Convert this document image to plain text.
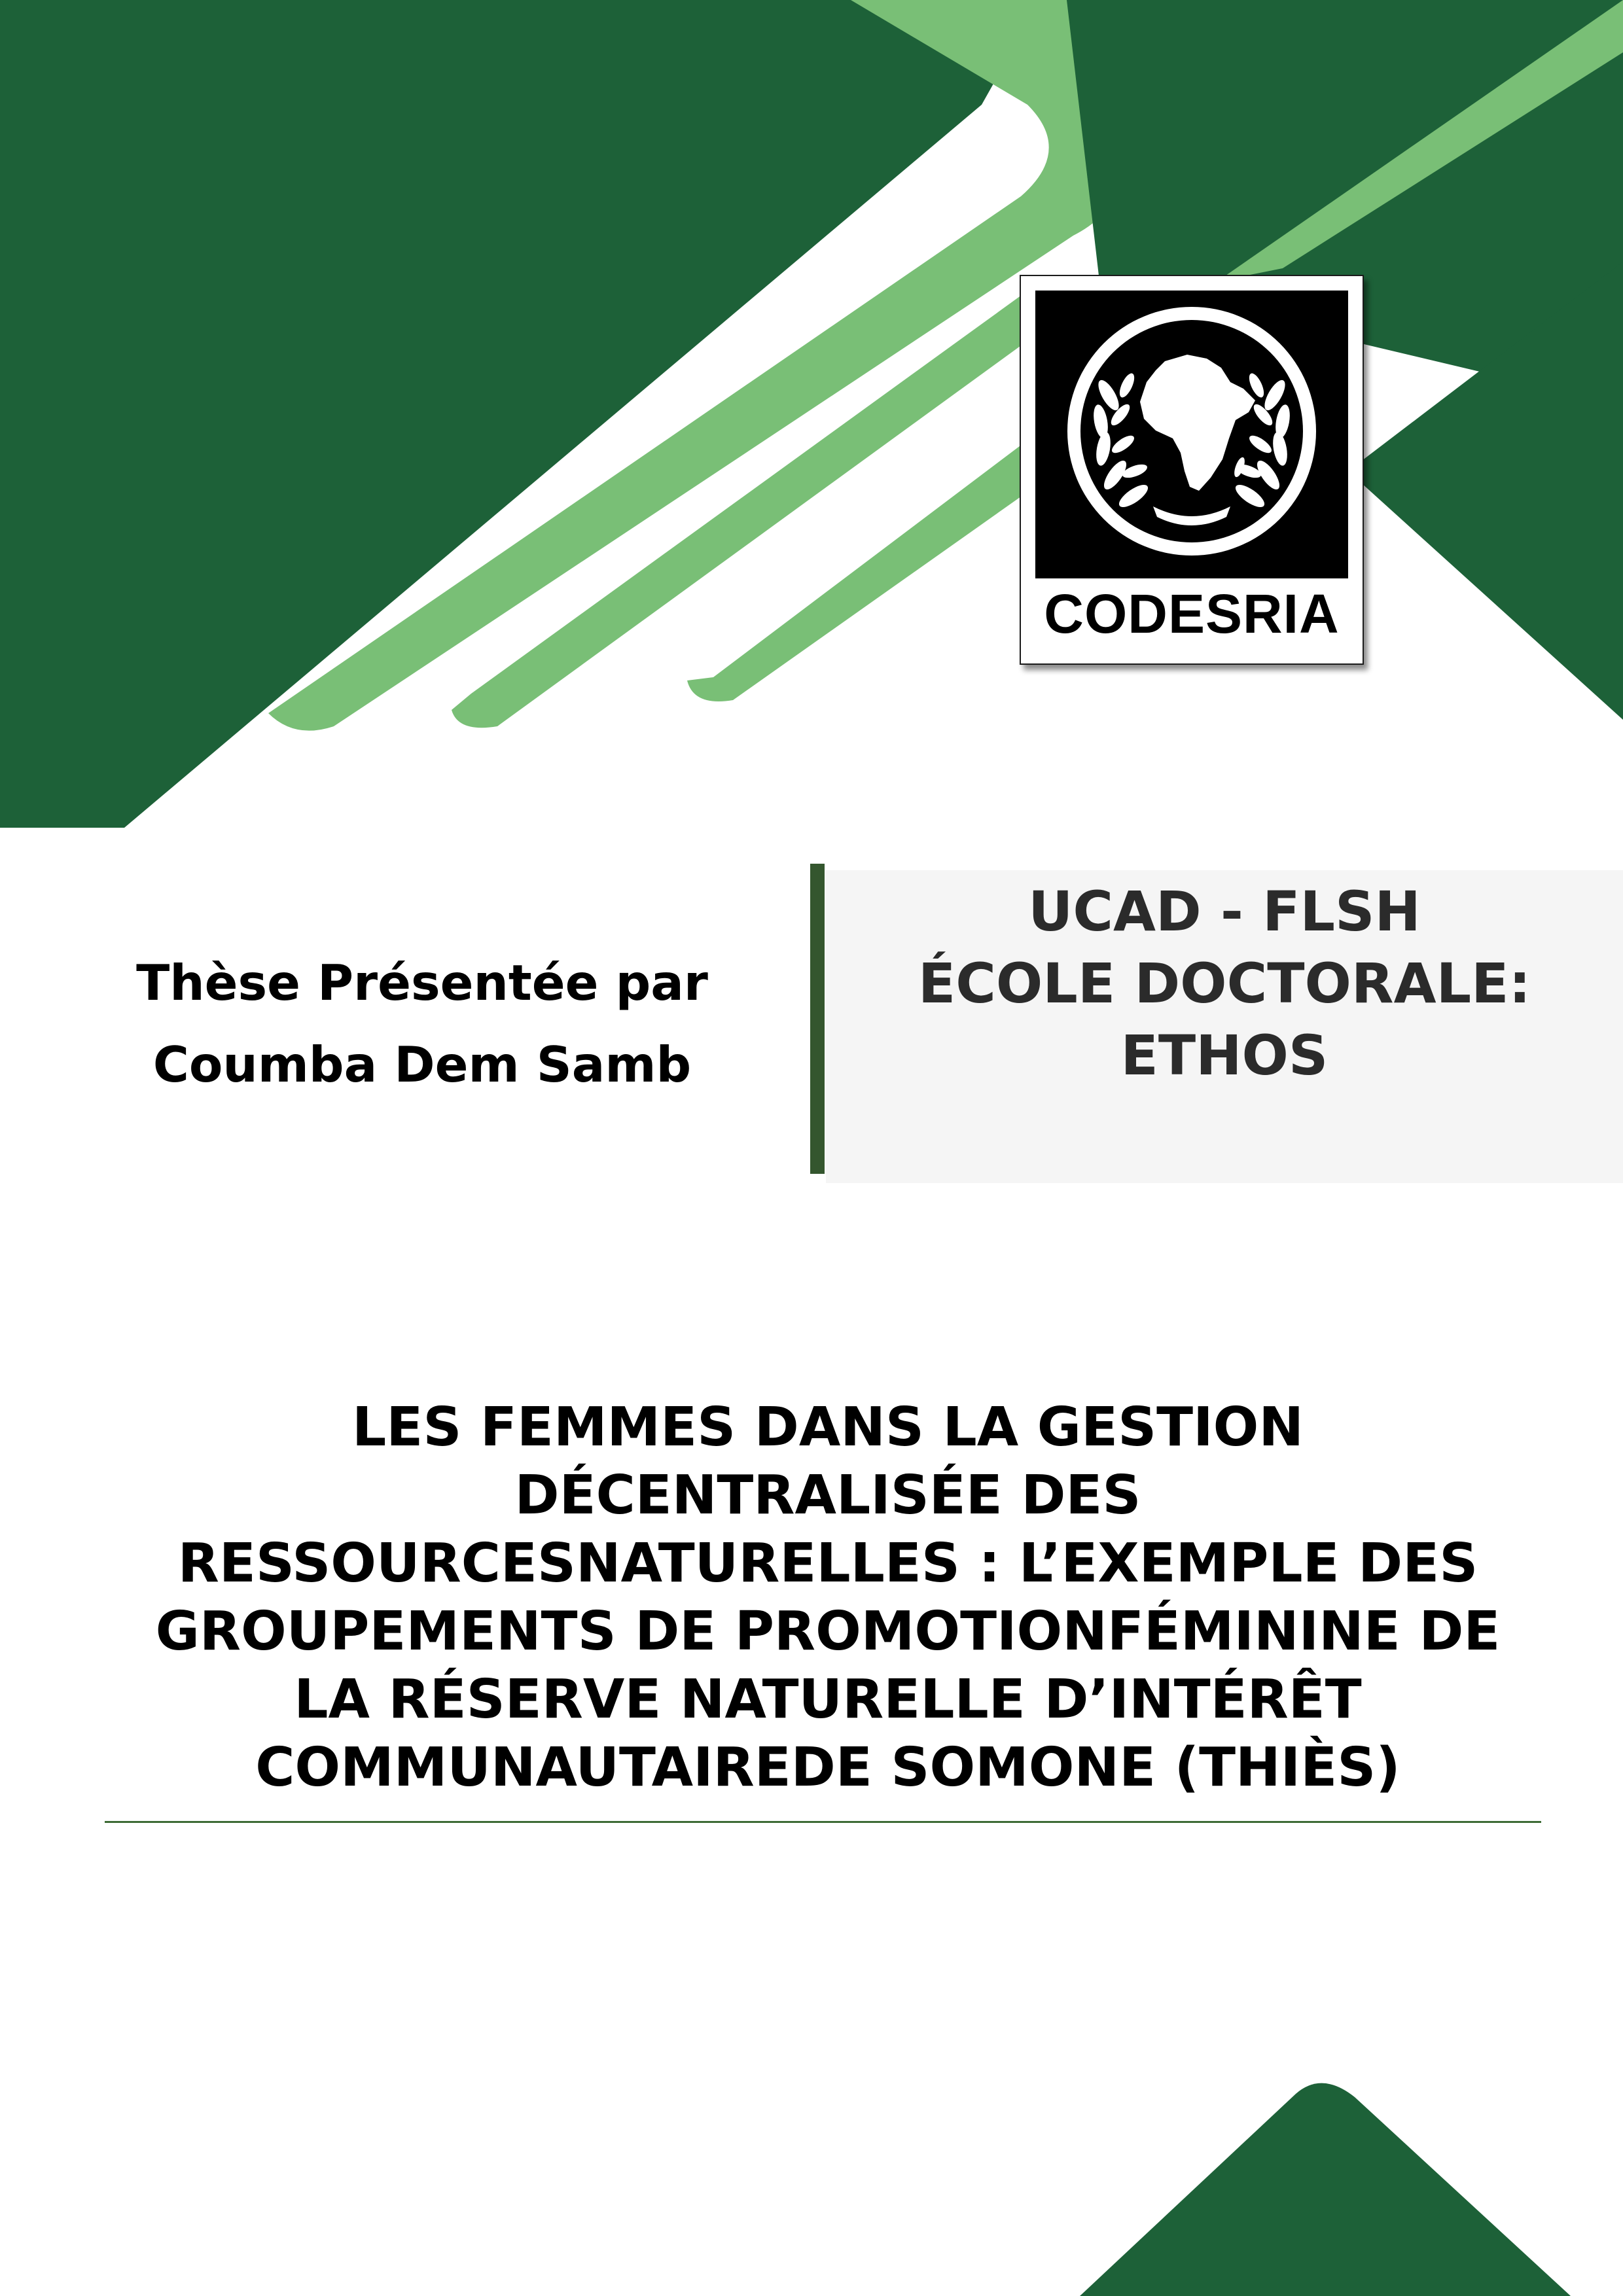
CODESRIA
Thèse Présentée par
Coumba Dem Samb
UCAD - FLSH
ÉCOLE DOCTORALE:
ETHOS
LES FEMMES DANS LA GESTION
DÉCENTRALISÉE DES
RESSOURCESNATURELLES : L’EXEMPLE DES
GROUPEMENTS DE PROMOTIONFÉMININE DE
LA RÉSERVE NATURELLE D’INTÉRÊT
COMMUNAUTAIREDE SOMONE (THIÈS)
